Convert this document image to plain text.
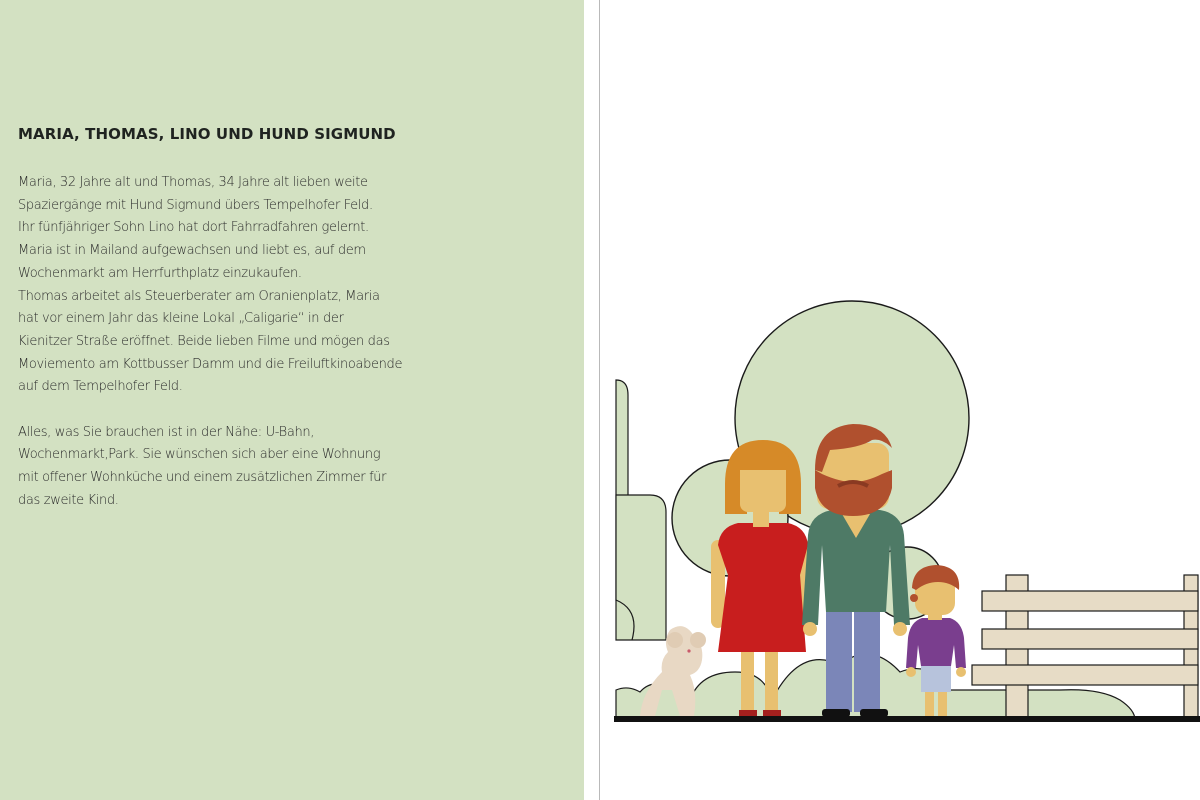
MARIA, THOMAS, LINO UND HUND SIGMUND
Maria, 32 Jahre alt und Thomas, 34 Jahre alt lieben weite
Spaziergänge mit Hund Sigmund übers Tempelhofer Feld.
Ihr fünfjähriger Sohn Lino hat dort Fahrradfahren gelernt.
Maria ist in Mailand aufgewachsen und liebt es, auf dem
Wochenmarkt am Herrfurthplatz einzukaufen.
Thomas arbeitet als Steuerberater am Oranienplatz, Maria
hat vor einem Jahr das kleine Lokal „Caligarie“ in der
Kienitzer Straße eröffnet. Beide lieben Filme und mögen das
Moviemento am Kottbusser Damm und die Freiluftkinoabende
auf dem Tempelhofer Feld.
Alles, was Sie brauchen ist in der Nähe: U-Bahn,
Wochenmarkt,Park. Sie wünschen sich aber eine Wohnung
mit offener Wohnküche und einem zusätzlichen Zimmer für
das zweite Kind.
